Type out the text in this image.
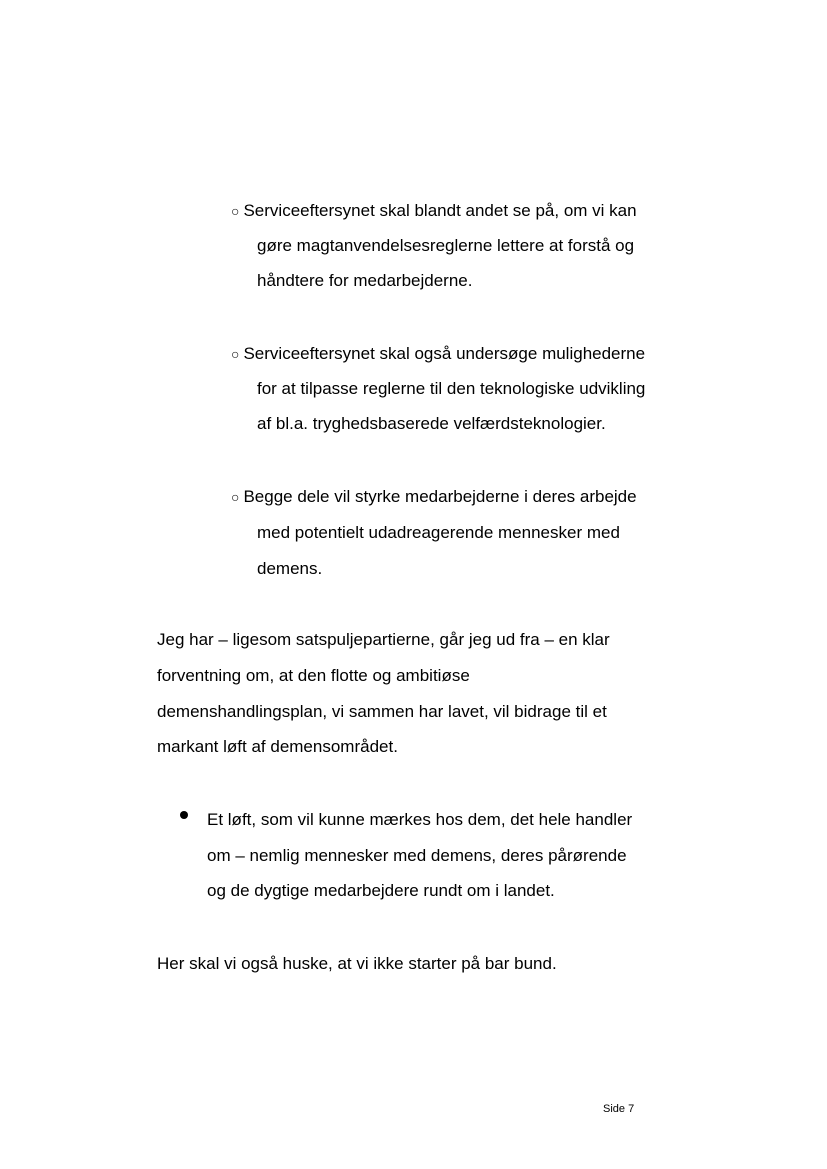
○ Serviceeftersynet skal blandt andet se på, om vi kan
gøre magtanvendelsesreglerne lettere at forstå og
håndtere for medarbejderne.
○ Serviceeftersynet skal også undersøge mulighederne
for at tilpasse reglerne til den teknologiske udvikling
af bl.a. tryghedsbaserede velfærdsteknologier.
○ Begge dele vil styrke medarbejderne i deres arbejde
med potentielt udadreagerende mennesker med
demens.
Jeg har – ligesom satspuljepartierne, går jeg ud fra – en klar
forventning om, at den flotte og ambitiøse
demenshandlingsplan, vi sammen har lavet, vil bidrage til et
markant løft af demensområdet.
Et løft, som vil kunne mærkes hos dem, det hele handler
om – nemlig mennesker med demens, deres pårørende
og de dygtige medarbejdere rundt om i landet.
Her skal vi også huske, at vi ikke starter på bar bund.
Side 7
